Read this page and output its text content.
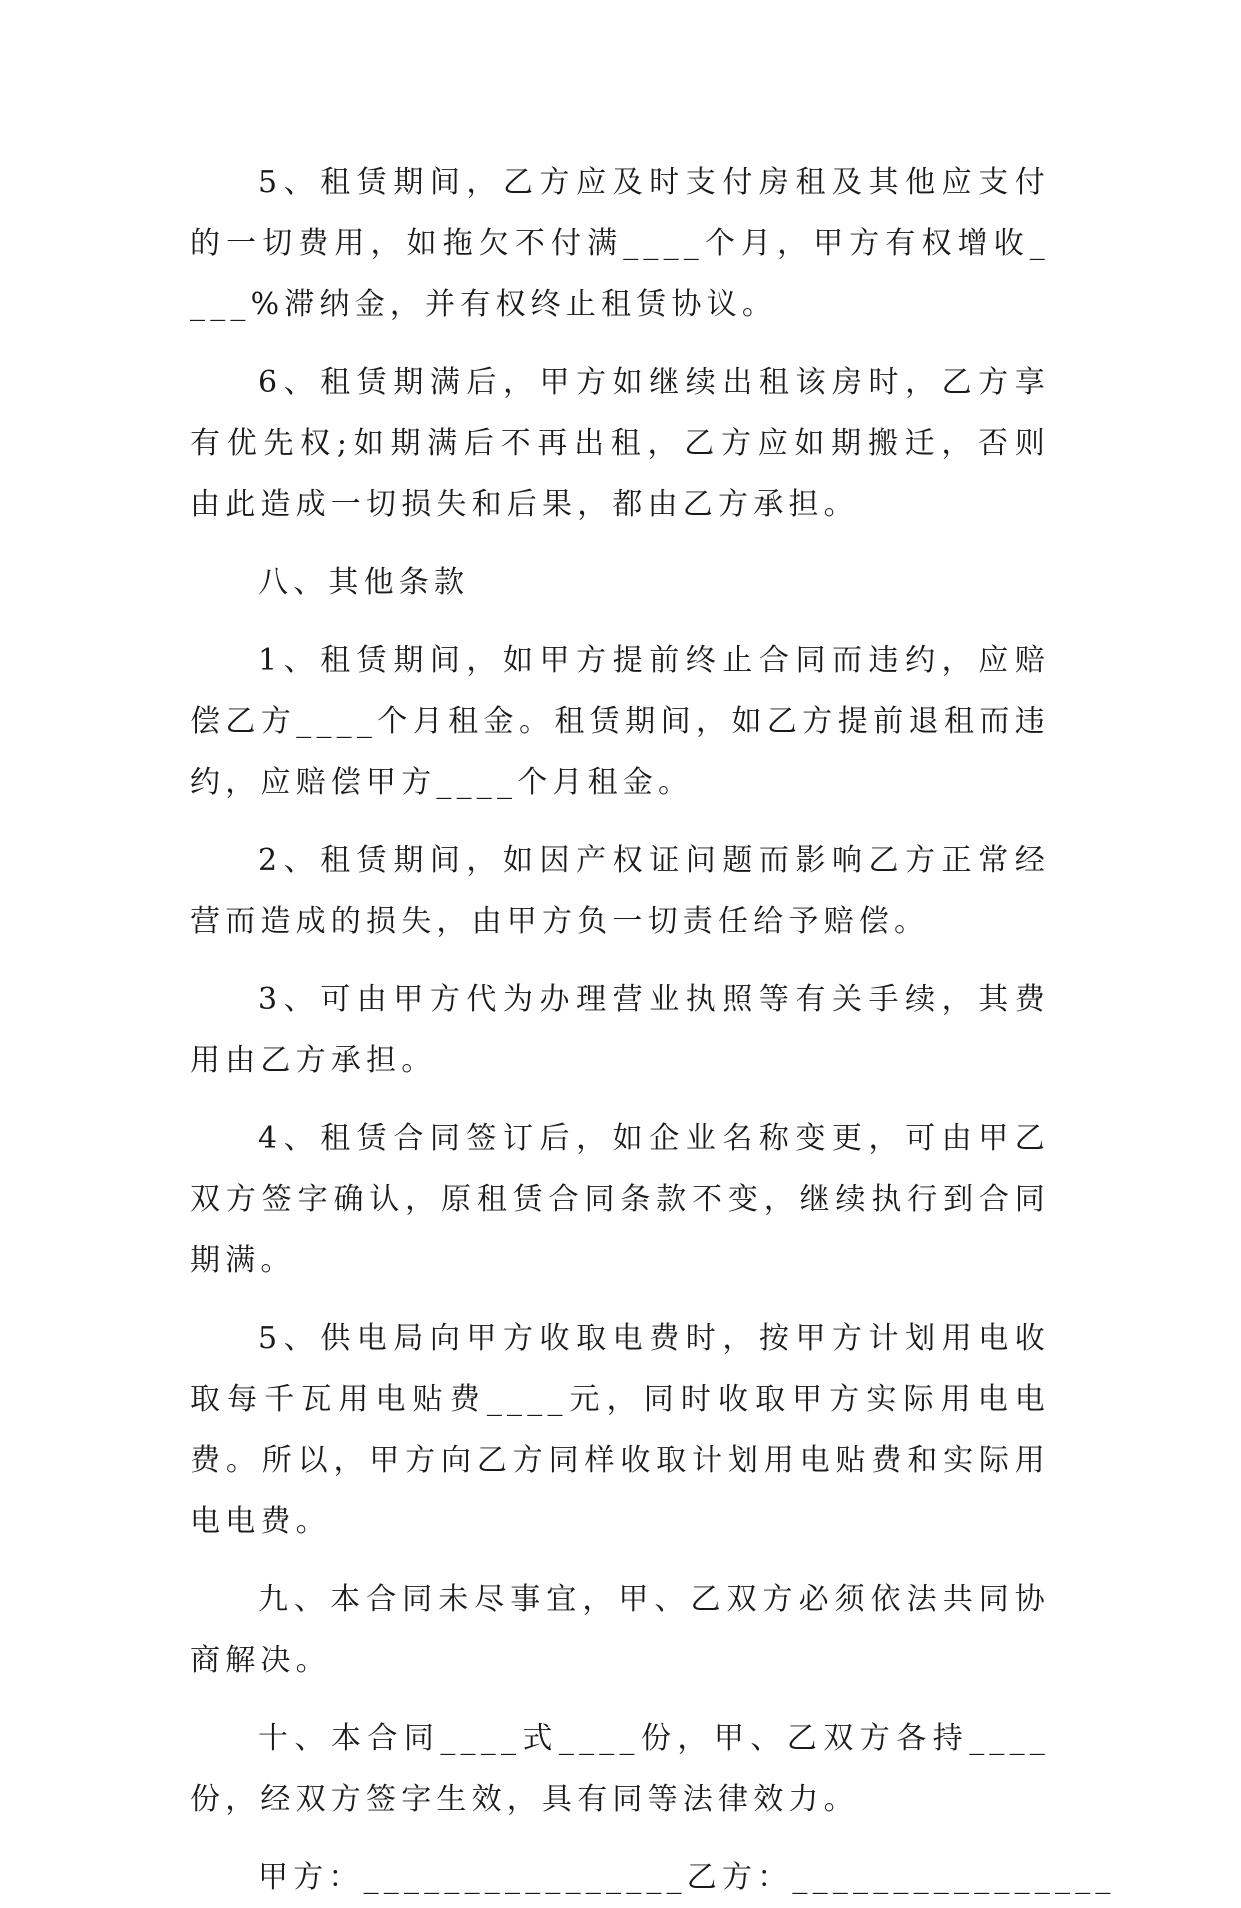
5、租赁期间，乙方应及时支付房租及其他应支付的一切费用，如拖欠不付满____个月，甲方有权增收____%滞纳金，并有权终止租赁协议。

6、租赁期满后，甲方如继续出租该房时，乙方享有优先权;如期满后不再出租，乙方应如期搬迁，否则由此造成一切损失和后果，都由乙方承担。

八、其他条款

1、租赁期间，如甲方提前终止合同而违约，应赔偿乙方____个月租金。租赁期间，如乙方提前退租而违约，应赔偿甲方____个月租金。

2、租赁期间，如因产权证问题而影响乙方正常经营而造成的损失，由甲方负一切责任给予赔偿。

3、可由甲方代为办理营业执照等有关手续，其费用由乙方承担。

4、租赁合同签订后，如企业名称变更，可由甲乙双方签字确认，原租赁合同条款不变，继续执行到合同期满。

5、供电局向甲方收取电费时，按甲方计划用电收取每千瓦用电贴费____元，同时收取甲方实际用电电费。所以，甲方向乙方同样收取计划用电贴费和实际用电电费。

九、本合同未尽事宜，甲、乙双方必须依法共同协商解决。

十、本合同____式____份，甲、乙双方各持____份，经双方签字生效，具有同等法律效力。

甲方：________________乙方：________________
